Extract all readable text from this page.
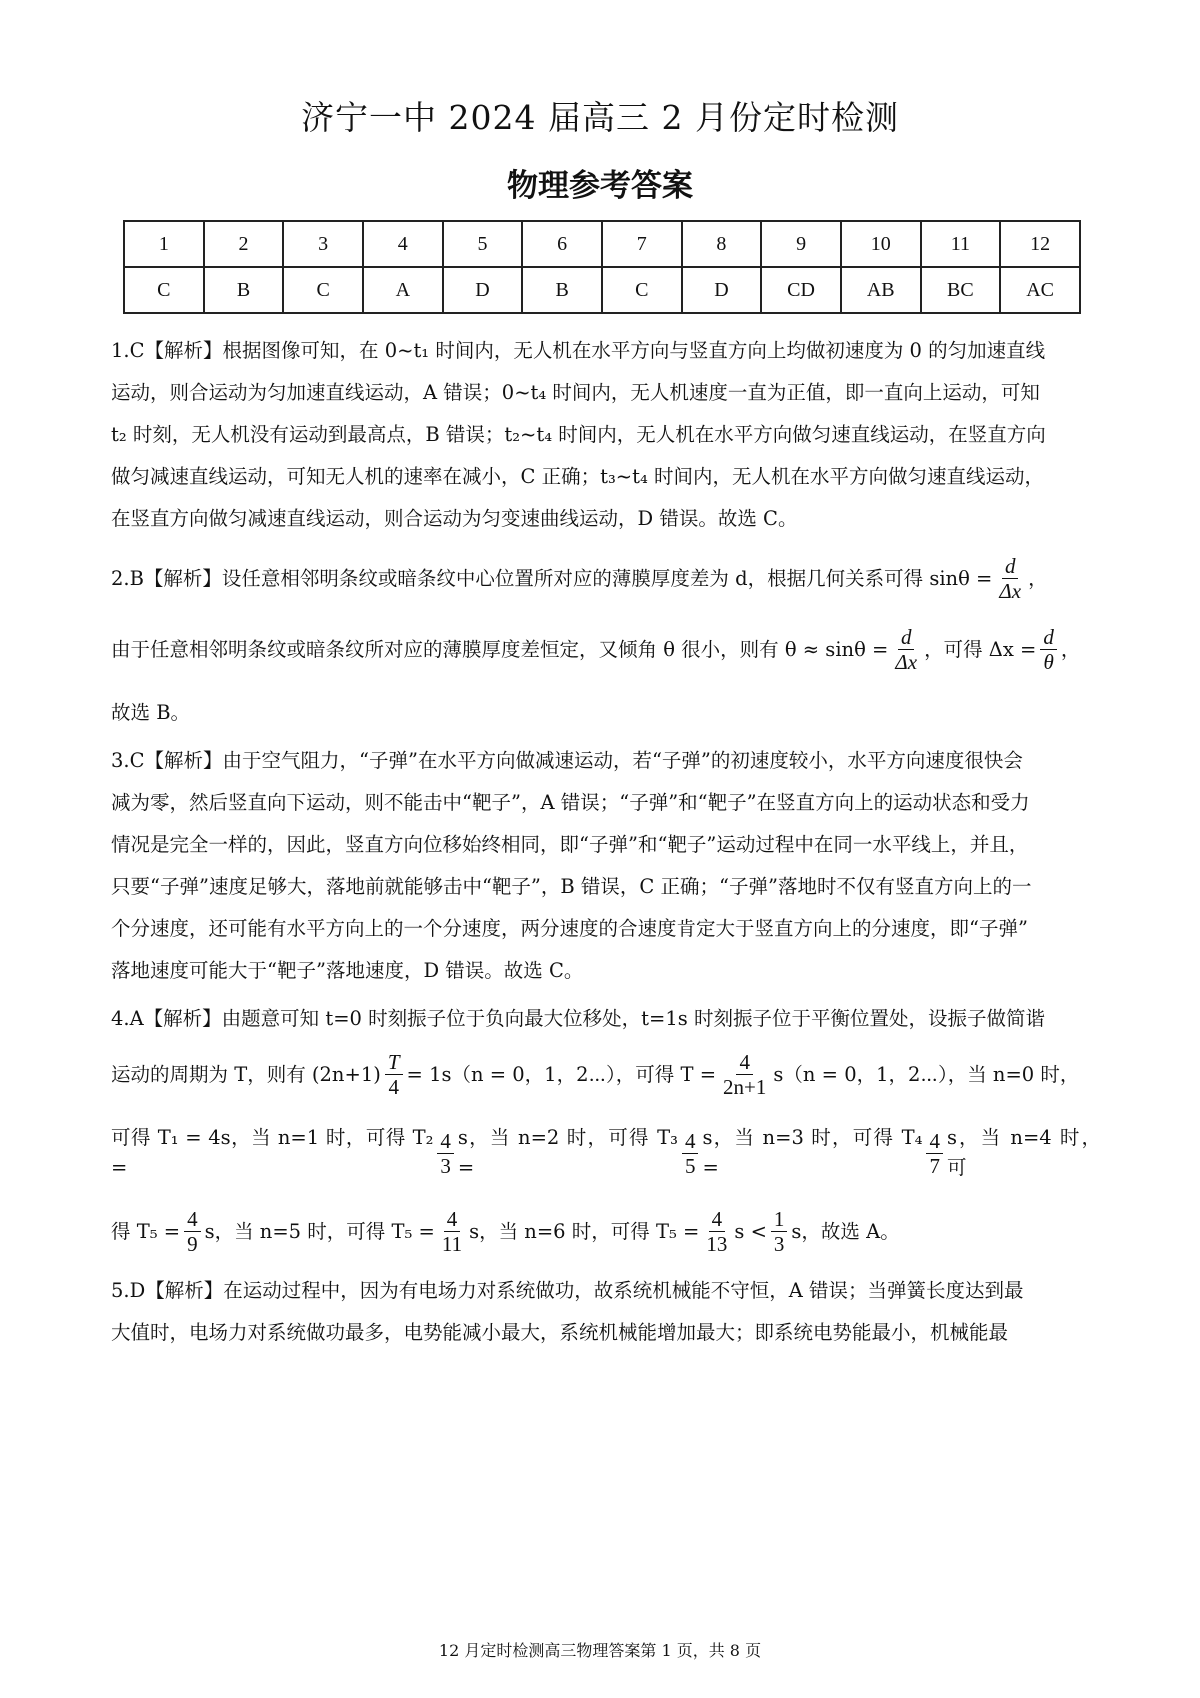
济宁一中 2024 届高三 2 月份定时检测
物理参考答案
1	2	3	4	5	6	7	8	9	10	11	12
C	B	C	A	D	B	C	D	CD	AB	BC	AC

1.C【解析】根据图像可知，在 0~t₁ 时间内，无人机在水平方向与竖直方向上均做初速度为 0 的匀加速直线

运动，则合运动为匀加速直线运动，A 错误；0~t₄ 时间内，无人机速度一直为正值，即一直向上运动，可知

t₂ 时刻，无人机没有运动到最高点，B 错误；t₂~t₄ 时间内，无人机在水平方向做匀速直线运动，在竖直方向

做匀减速直线运动，可知无人机的速率在减小，C 正确；t₃~t₄ 时间内，无人机在水平方向做匀速直线运动，

在竖直方向做匀减速直线运动，则合运动为匀变速曲线运动，D 错误。故选 C。

2.B【解析】设任意相邻明条纹或暗条纹中心位置所对应的薄膜厚度差为 d，根据几何关系可得 $\sin\theta = \frac{d}{\Delta x}$ ，
由于任意相邻明条纹或暗条纹所对应的薄膜厚度差恒定，又倾角 θ 很小，则有 $\theta \approx \sin\theta = \frac{d}{\Delta x}$ ，可得 $\Delta x = \frac{d}{\theta}$ ，

故选 B。

3.C【解析】由于空气阻力，“子弹”在水平方向做减速运动，若“子弹”的初速度较小，水平方向速度很快会

减为零，然后竖直向下运动，则不能击中“靶子”，A 错误；“子弹”和“靶子”在竖直方向上的运动状态和受力

情况是完全一样的，因此，竖直方向位移始终相同，即“子弹”和“靶子”运动过程中在同一水平线上，并且，

只要“子弹”速度足够大，落地前就能够击中“靶子”，B 错误，C 正确；“子弹”落地时不仅有竖直方向上的一

个分速度，还可能有水平方向上的一个分速度，两分速度的合速度肯定大于竖直方向上的分速度，即“子弹”

落地速度可能大于“靶子”落地速度，D 错误。故选 C。

4.A【解析】由题意可知 t=0 时刻振子位于负向最大位移处，t=1s 时刻振子位于平衡位置处，设振子做简谐

运动的周期为 T，则有 $(2n+1) \frac{T}{4} = 1s(n = 0$，1，2⋯），可得 $T = \frac{4}{2n+1} s(n = 0$，1，2⋯），当 n=0 时，
可得 T₁ = 4s，当 n=1 时，可得 T₂ =	$\frac{4}{3}$ s，当 n=2 时，可得 T₃ =	$\frac{4}{5}$ s，当 n=3 时，可得 T₄ =	$\frac{4}{7}$ s，当 n=4 时，可
得 $T_5 = \frac{4}{9}$ s，当 n=5 时，可得 $T_5 = \frac{4}{11}$ s，当 n=6 时，可得 $T_5 = \frac{4}{13}$ $s < \frac{1}{3}$ s，故选 A。

5.D【解析】在运动过程中，因为有电场力对系统做功，故系统机械能不守恒，A 错误；当弹簧长度达到最

大值时，电场力对系统做功最多，电势能减小最大，系统机械能增加最大；即系统电势能最小，机械能最

12 月定时检测高三物理答案第 1 页，共 8 页
